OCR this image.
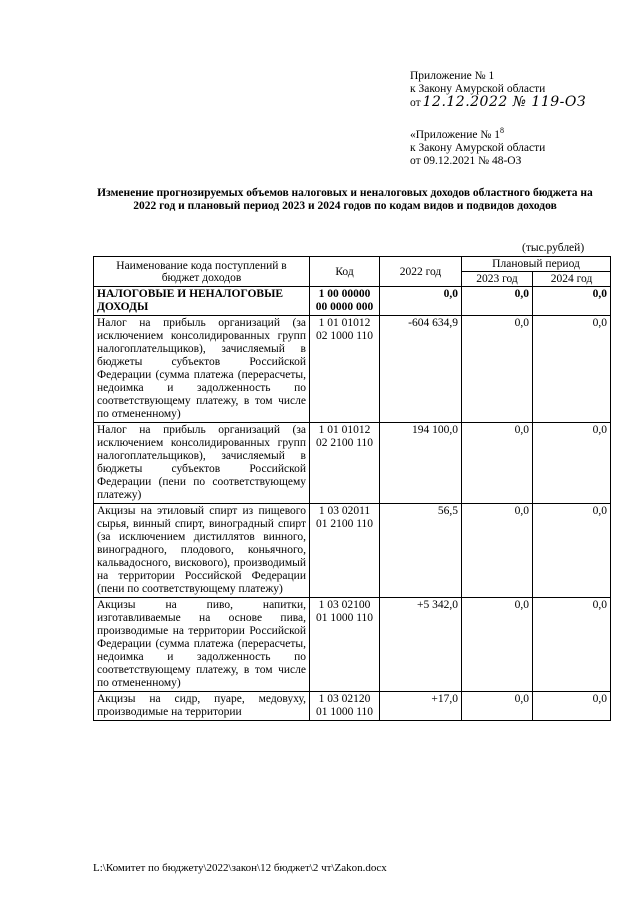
Приложение № 1
к Закону Амурской области
от 12.12.2022 № 119-ОЗ
«Приложение № $1^8$
к Закону Амурской области
от 09.12.2021 № 48-ОЗ
Изменение прогнозируемых объемов налоговых и неналоговых доходов областного бюджета на 2022 год и плановый период 2023 и 2024 годов по кодам видов и подвидов доходов
(тыс.рублей)
Наименование кода поступлений в бюджет доходов	Код	2022 год	Плановый период	
			2023 год	2024 год
НАЛОГОВЫЕ И НЕНАЛОГОВЫЕ ДОХОДЫ	1 00 00000 00 0000 000	0,0	0,0	0,0
Налог на прибыль организаций (за исключением консолидированных групп налогоплательщиков), зачисляемый в бюджеты субъектов Российской Федерации (сумма платежа (перерасчеты, недоимка и задолженность по соответствующему платежу, в том числе по отмененному)	1 01 01012 02 1000 110	-604 634,9	0,0	0,0
Налог на прибыль организаций (за исключением консолидированных групп налогоплательщиков), зачисляемый в бюджеты субъектов Российской Федерации (пени по соответствующему платежу)	1 01 01012 02 2100 110	194 100,0	0,0	0,0
Акцизы на этиловый спирт из пищевого сырья, винный спирт, виноградный спирт (за исключением дистиллятов винного, виноградного, плодового, коньячного, кальвадосного, вискового), производимый на территории Российской Федерации (пени по соответствующему платежу)	1 03 02011 01 2100 110	56,5	0,0	0,0
Акцизы на пиво, напитки, изготавливаемые на основе пива, производимые на территории Российской Федерации (сумма платежа (перерасчеты, недоимка и задолженность по соответствующему платежу, в том числе по отмененному)	1 03 02100 01 1000 110	+5 342,0	0,0	0,0
Акцизы на сидр, пуаре, медовуху, производимые на территории	1 03 02120 01 1000 110	+17,0	0,0	0,0
L:\Комитет по бюджету\2022\закон\12 бюджет\2 чт\Zakon.docx
